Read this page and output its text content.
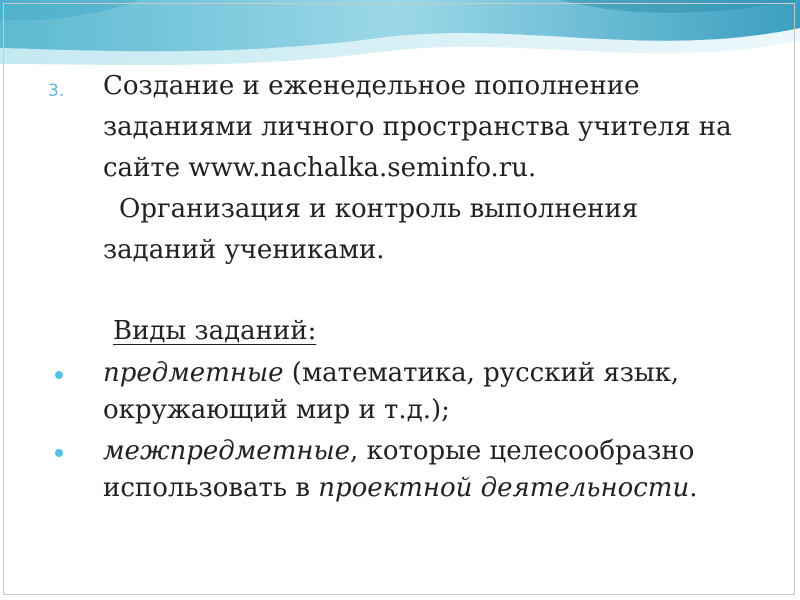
3. Создание и еженедельное пополнение
заданиями личного пространства учителя на
сайте www.nachalka.seminfo.ru.
Организация и контроль выполнения
заданий учениками.
Виды заданий:
предметные (математика, русский язык,
окружающий мир и т.д.);
межпредметные, которые целесообразно
использовать в проектной деятельности.
